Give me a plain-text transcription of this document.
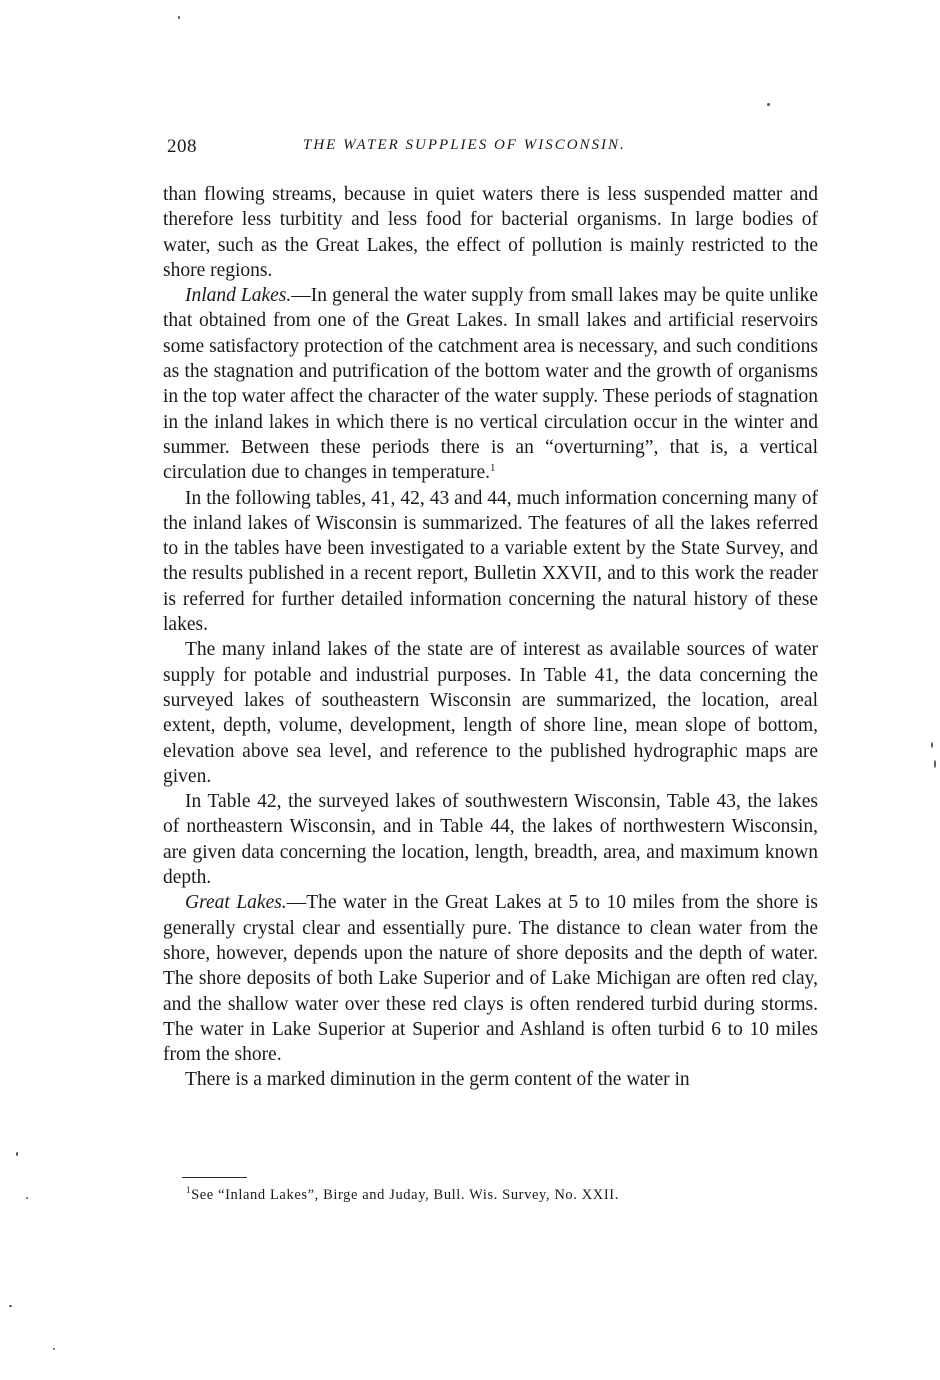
208	THE WATER SUPPLIES OF WISCONSIN.

than flowing streams, because in quiet waters there is less suspended matter and therefore less turbitity and less food for bacterial organisms. In large bodies of water, such as the Great Lakes, the effect of pollution is mainly restricted to the shore regions.

Inland Lakes.—In general the water supply from small lakes may be quite unlike that obtained from one of the Great Lakes. In small lakes and artificial reservoirs some satisfactory protection of the catchment area is necessary, and such conditions as the stagnation and putrification of the bottom water and the growth of organisms in the top water affect the character of the water supply. These periods of stagnation in the inland lakes in which there is no vertical circulation occur in the winter and summer. Between these periods there is an “overturning”, that is, a vertical circulation due to changes in temperature.$^1$

In the following tables, 41, 42, 43 and 44, much information concerning many of the inland lakes of Wisconsin is summarized. The features of all the lakes referred to in the tables have been investigated to a variable extent by the State Survey, and the results published in a recent report, Bulletin XXVII, and to this work the reader is referred for further detailed information concerning the natural history of these lakes.

The many inland lakes of the state are of interest as available sources of water supply for potable and industrial purposes. In Table 41, the data concerning the surveyed lakes of southeastern Wisconsin are summarized, the location, areal extent, depth, volume, development, length of shore line, mean slope of bottom, elevation above sea level, and reference to the published hydrographic maps are given.

In Table 42, the surveyed lakes of southwestern Wisconsin, Table 43, the lakes of northeastern Wisconsin, and in Table 44, the lakes of northwestern Wisconsin, are given data concerning the location, length, breadth, area, and maximum known depth.

Great Lakes.—The water in the Great Lakes at 5 to 10 miles from the shore is generally crystal clear and essentially pure. The distance to clean water from the shore, however, depends upon the nature of shore deposits and the depth of water. The shore deposits of both Lake Superior and of Lake Michigan are often red clay, and the shallow water over these red clays is often rendered turbid during storms. The water in Lake Superior at Superior and Ashland is often turbid 6 to 10 miles from the shore.

There is a marked diminution in the germ content of the water in

$^1$See “Inland Lakes”, Birge and Juday, Bull. Wis. Survey, No. XXII.
